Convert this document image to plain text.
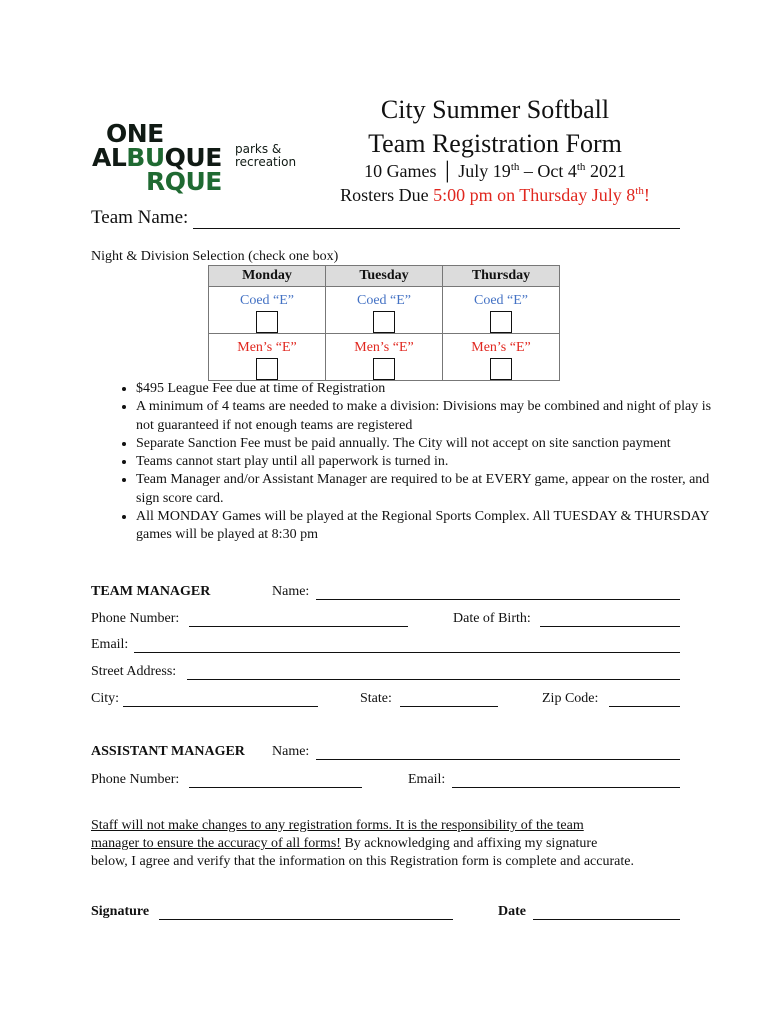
ONE
ALBUQUE
RQUE
parks &
recreation
City Summer Softball
Team Registration Form
10 Games │ July 19th – Oct 4th 2021
Rosters Due 5:00 pm on Thursday July 8th!
Team Name:
Night & Division Selection (check one box)
Monday	Tuesday	Thursday

Coed “E”	Coed “E”	Coed “E”

Men’s “E”	Men’s “E”	Men’s “E”
• $495 League Fee due at time of Registration
• A minimum of 4 teams are needed to make a division: Divisions may be combined and night of play is not guaranteed if not enough teams are registered
• Separate Sanction Fee must be paid annually. The City will not accept on site sanction payment
• Teams cannot start play until all paperwork is turned in.
• Team Manager and/or Assistant Manager are required to be at EVERY game, appear on the roster, and sign score card.
• All MONDAY Games will be played at the Regional Sports Complex. All TUESDAY & THURSDAY games will be played at 8:30 pm
TEAM MANAGER	Name:
Phone Number:	Date of Birth:
Email:
Street Address:
City:	State:	Zip Code:
ASSISTANT MANAGER Name:
Phone Number:	Email:
Staff will not make changes to any registration forms. It is the responsibility of the team
manager to ensure the accuracy of all forms! By acknowledging and affixing my signature
below, I agree and verify that the information on this Registration form is complete and accurate.
Signature	Date
